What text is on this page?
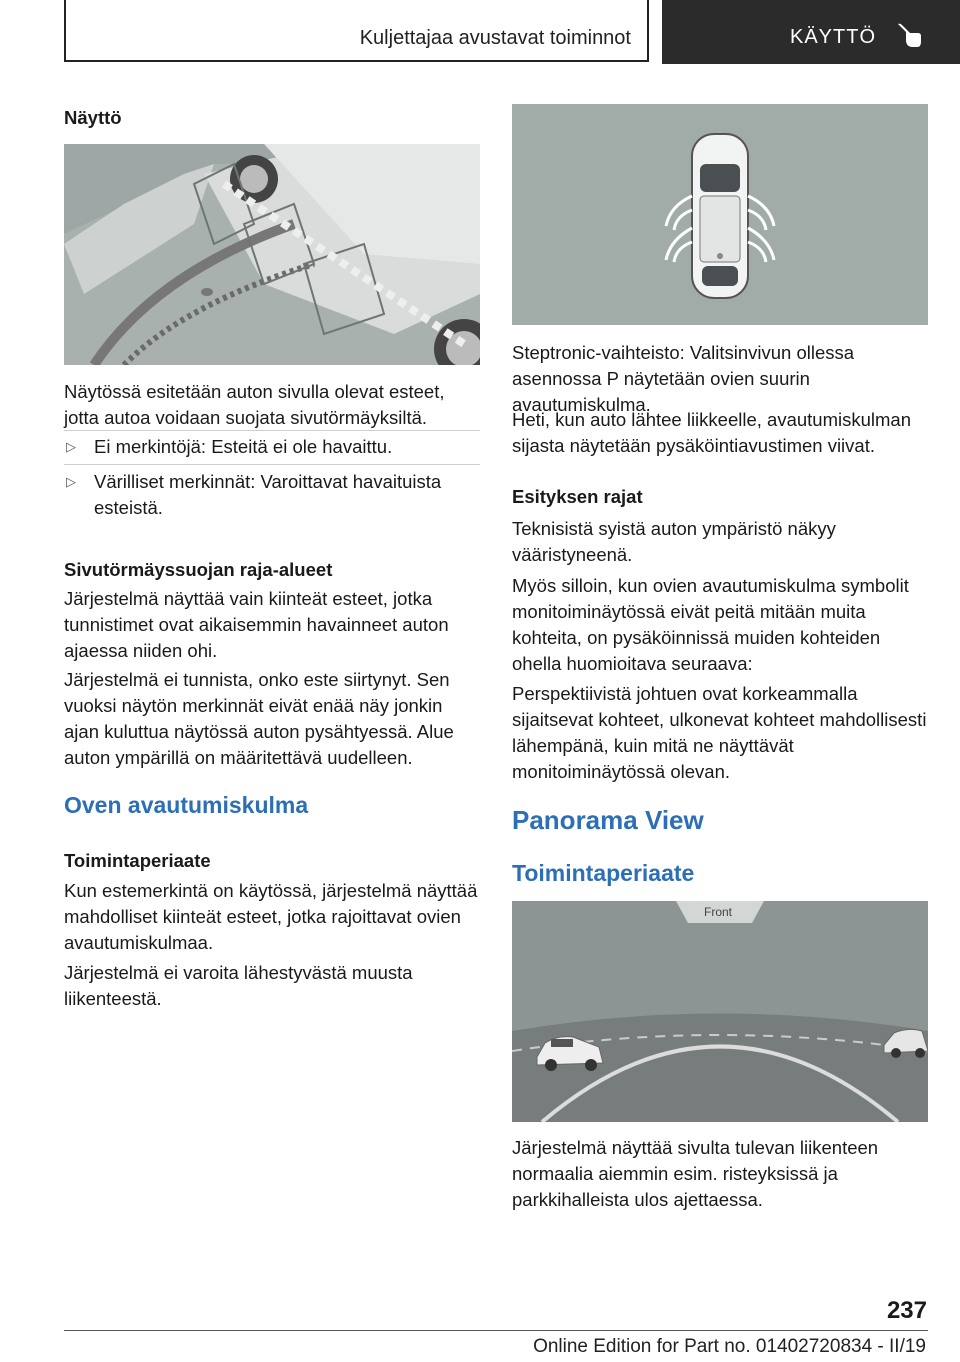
Kuljettajaa avustavat toiminnot	KÄYTTÖ

Näyttö

Näytössä esitetään auton sivulla olevat esteet, jotta autoa voidaan suojata sivutörmäyksiltä.

▷ Ei merkintöjä: Esteitä ei ole havaittu.
▷ Värilliset merkinnät: Varoittavat havaituista esteistä.

Sivutörmäyssuojan raja-alueet

Järjestelmä näyttää vain kiinteät esteet, jotka tunnistimet ovat aikaisemmin havainneet auton ajaessa niiden ohi.

Järjestelmä ei tunnista, onko este siirtynyt. Sen vuoksi näytön merkinnät eivät enää näy jonkin ajan kuluttua näytössä auton pysähtyessä. Alue auton ympärillä on määritettävä uudelleen.

Oven avautumiskulma

Toimintaperiaate

Kun estemerkintä on käytössä, järjestelmä näyttää mahdolliset kiinteät esteet, jotka rajoittavat ovien avautumiskulmaa.

Järjestelmä ei varoita lähestyvästä muusta liikenteestä.

Steptronic-vaihteisto: Valitsinvivun ollessa asennossa P näytetään ovien suurin avautumiskulma.

Heti, kun auto lähtee liikkeelle, avautumiskulman sijasta näytetään pysäköintiavustimen viivat.

Esityksen rajat

Teknisistä syistä auton ympäristö näkyy vääristyneenä.

Myös silloin, kun ovien avautumiskulma symbolit monitoiminäytössä eivät peitä mitään muita kohteita, on pysäköinnissä muiden kohteiden ohella huomioitava seuraava:

Perspektiivistä johtuen ovat korkeammalla sijaitsevat kohteet, ulkonevat kohteet mahdollisesti lähempänä, kuin mitä ne näyttävät monitoiminäytössä olevan.

Panorama View

Toimintaperiaate

Front

Järjestelmä näyttää sivulta tulevan liikenteen normaalia aiemmin esim. risteyksissä ja parkkihalleista ulos ajettaessa.

237
Online Edition for Part no. 01402720834 - II/19
